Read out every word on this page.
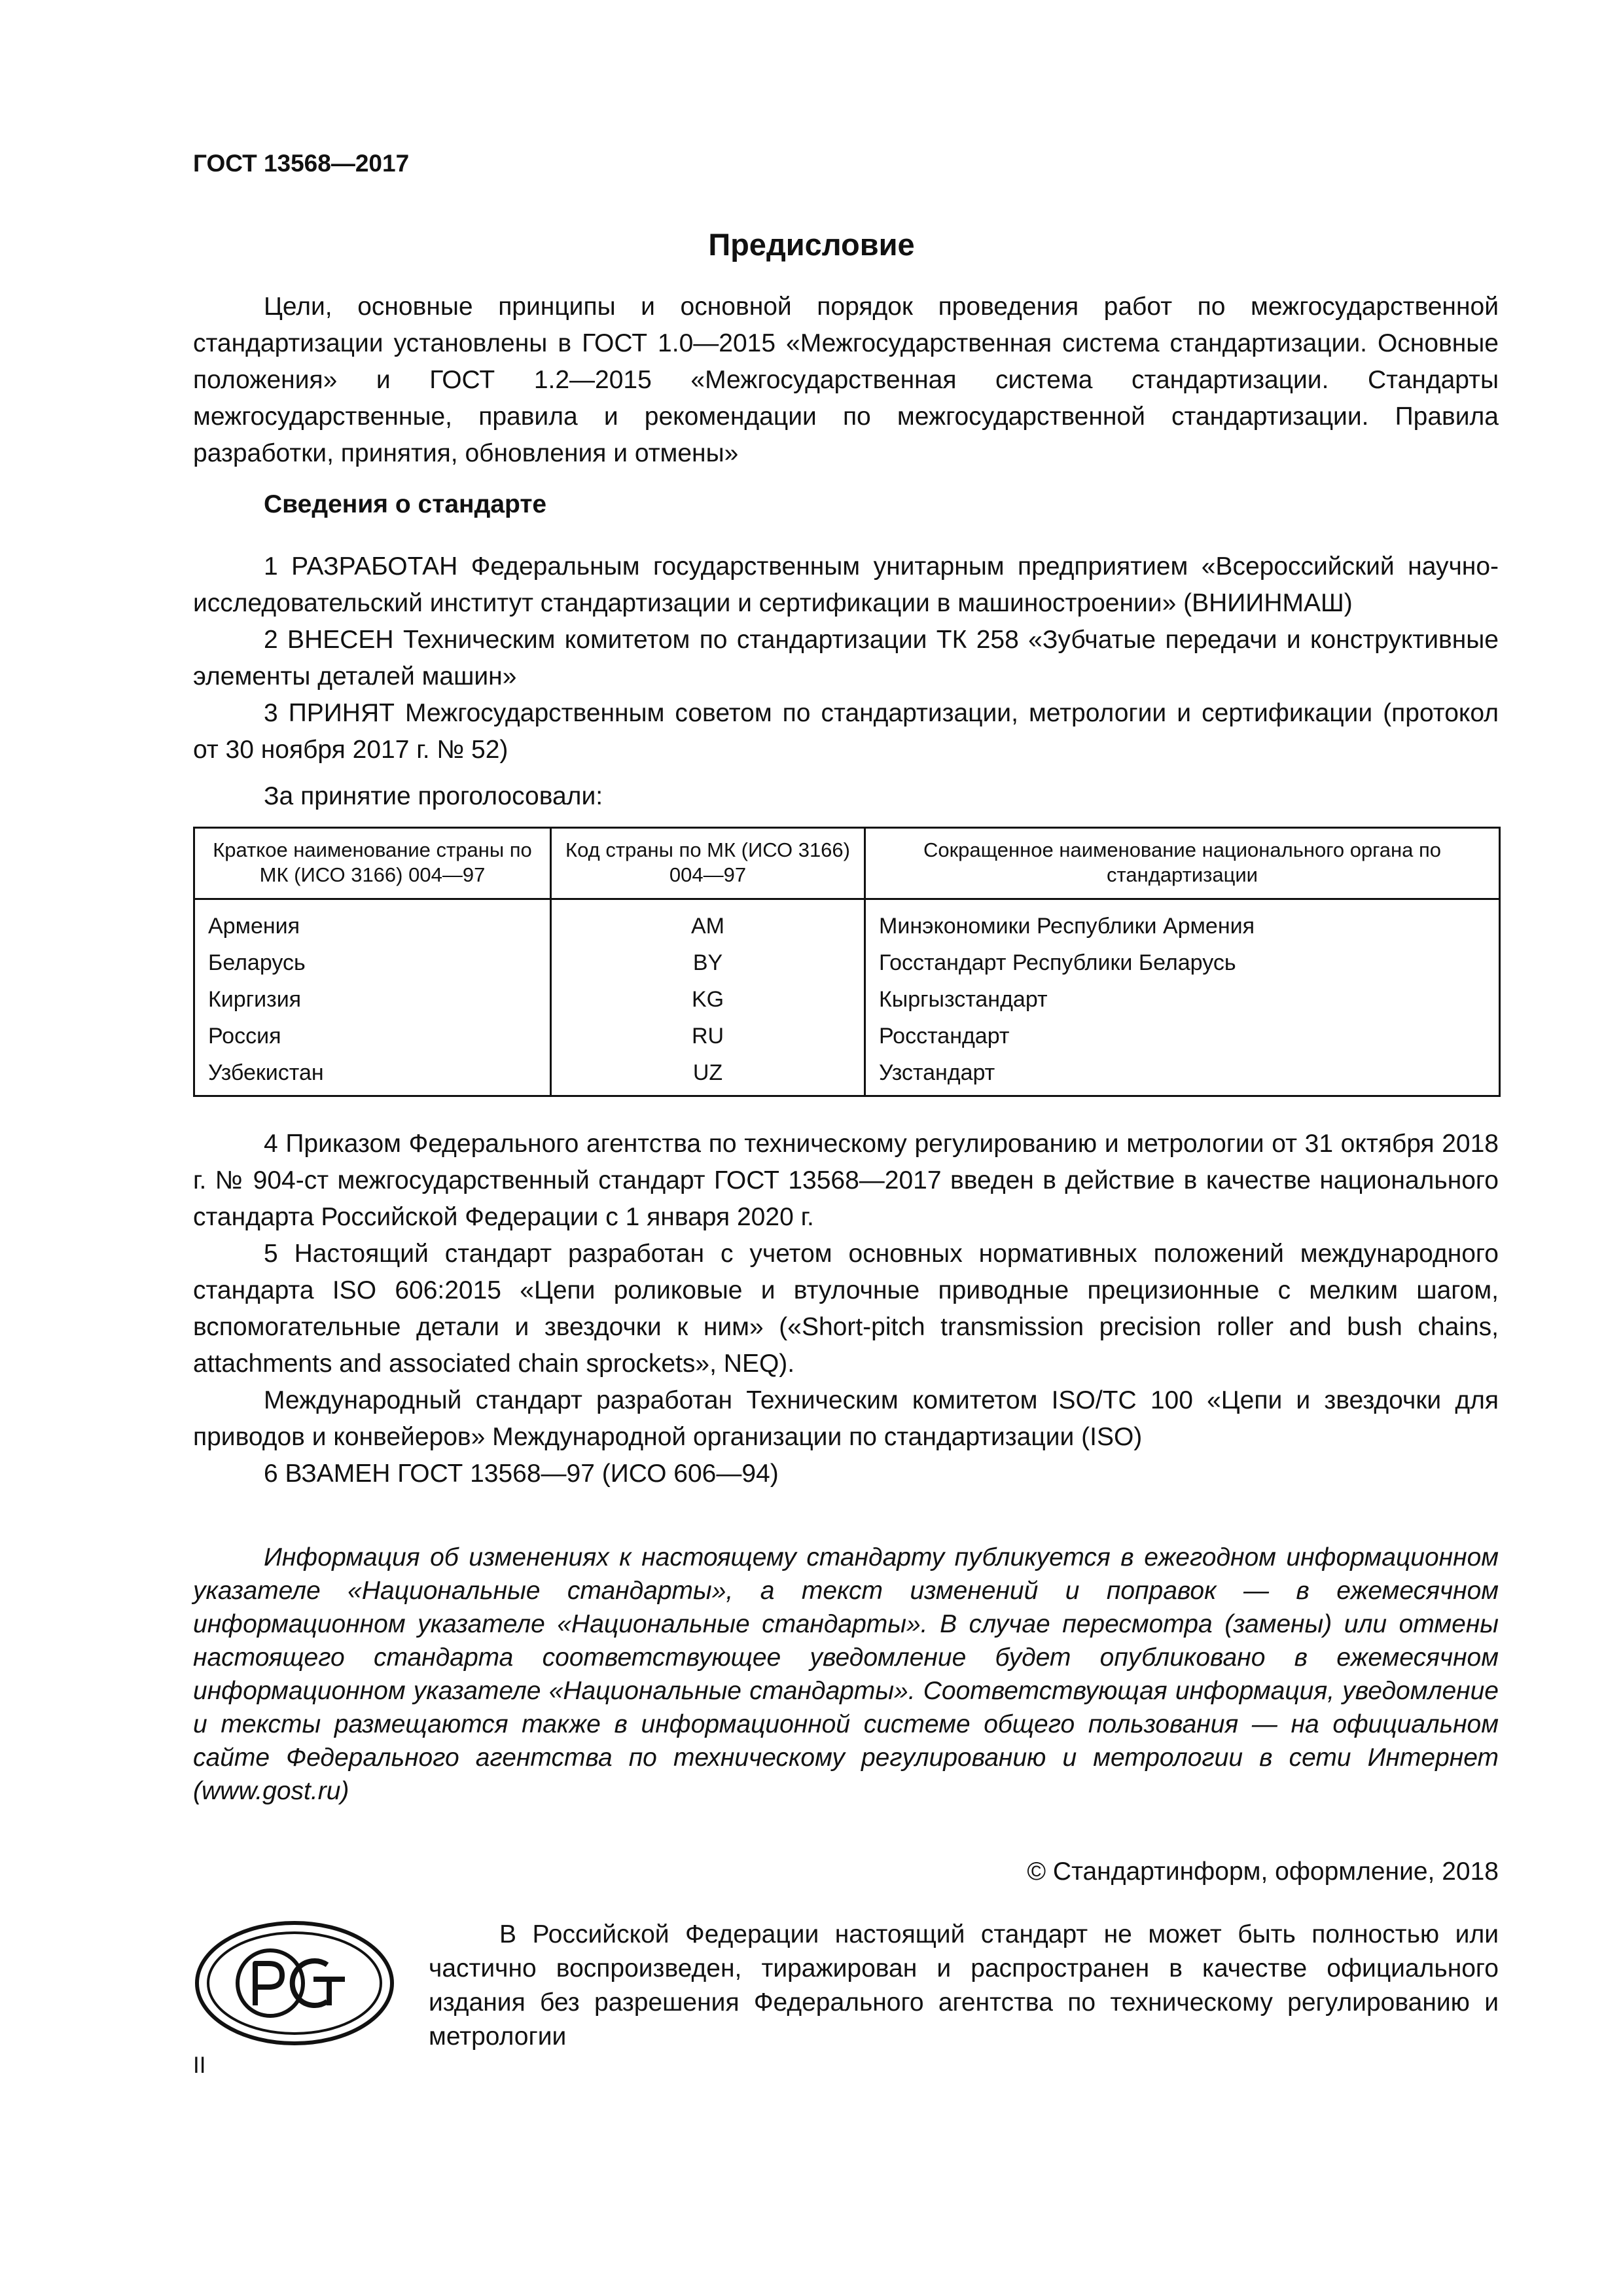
ГОСТ 13568—2017

Предисловие

Цели, основные принципы и основной порядок проведения работ по межгосударственной стандартизации установлены в ГОСТ 1.0—2015 «Межгосударственная система стандартизации. Основные положения» и ГОСТ 1.2—2015 «Межгосударственная система стандартизации. Стандарты межгосударственные, правила и рекомендации по межгосударственной стандартизации. Правила разработки, принятия, обновления и отмены»

Сведения о стандарте

1 РАЗРАБОТАН Федеральным государственным унитарным предприятием «Всероссийский научно-исследовательский институт стандартизации и сертификации в машиностроении» (ВНИИНМАШ)

2 ВНЕСЕН Техническим комитетом по стандартизации ТК 258 «Зубчатые передачи и конструктивные элементы деталей машин»

3 ПРИНЯТ Межгосударственным советом по стандартизации, метрологии и сертификации (протокол от 30 ноября 2017 г. № 52)

За принятие проголосовали:

Краткое наименование страны по МК (ИСО 3166) 004—97	Код страны по МК (ИСО 3166) 004—97	Сокращенное наименование национального органа по стандартизации
Армения	AM	Минэкономики Республики Армения
Беларусь	BY	Госстандарт Республики Беларусь
Киргизия	KG	Кыргызстандарт
Россия	RU	Росстандарт
Узбекистан	UZ	Узстандарт

4 Приказом Федерального агентства по техническому регулированию и метрологии от 31 октября 2018 г. № 904-ст межгосударственный стандарт ГОСТ 13568—2017 введен в действие в качестве национального стандарта Российской Федерации с 1 января 2020 г.

5 Настоящий стандарт разработан с учетом основных нормативных положений международного стандарта ISO 606:2015 «Цепи роликовые и втулочные приводные прецизионные с мелким шагом, вспомогательные детали и звездочки к ним» («Short-pitch transmission precision roller and bush chains, attachments and associated chain sprockets», NEQ).

Международный стандарт разработан Техническим комитетом ISO/TC 100 «Цепи и звездочки для приводов и конвейеров» Международной организации по стандартизации (ISO)

6 ВЗАМЕН ГОСТ 13568—97 (ИСО 606—94)

Информация об изменениях к настоящему стандарту публикуется в ежегодном информационном указателе «Национальные стандарты», а текст изменений и поправок — в ежемесячном информационном указателе «Национальные стандарты». В случае пересмотра (замены) или отмены настоящего стандарта соответствующее уведомление будет опубликовано в ежемесячном информационном указателе «Национальные стандарты». Соответствующая информация, уведомление и тексты размещаются также в информационной системе общего пользования — на официальном сайте Федерального агентства по техническому регулированию и метрологии в сети Интернет (www.gost.ru)

© Стандартинформ, оформление, 2018

В Российской Федерации настоящий стандарт не может быть полностью или частично воспроизведен, тиражирован и распространен в качестве официального издания без разрешения Федерального агентства по техническому регулированию и метрологии

II
